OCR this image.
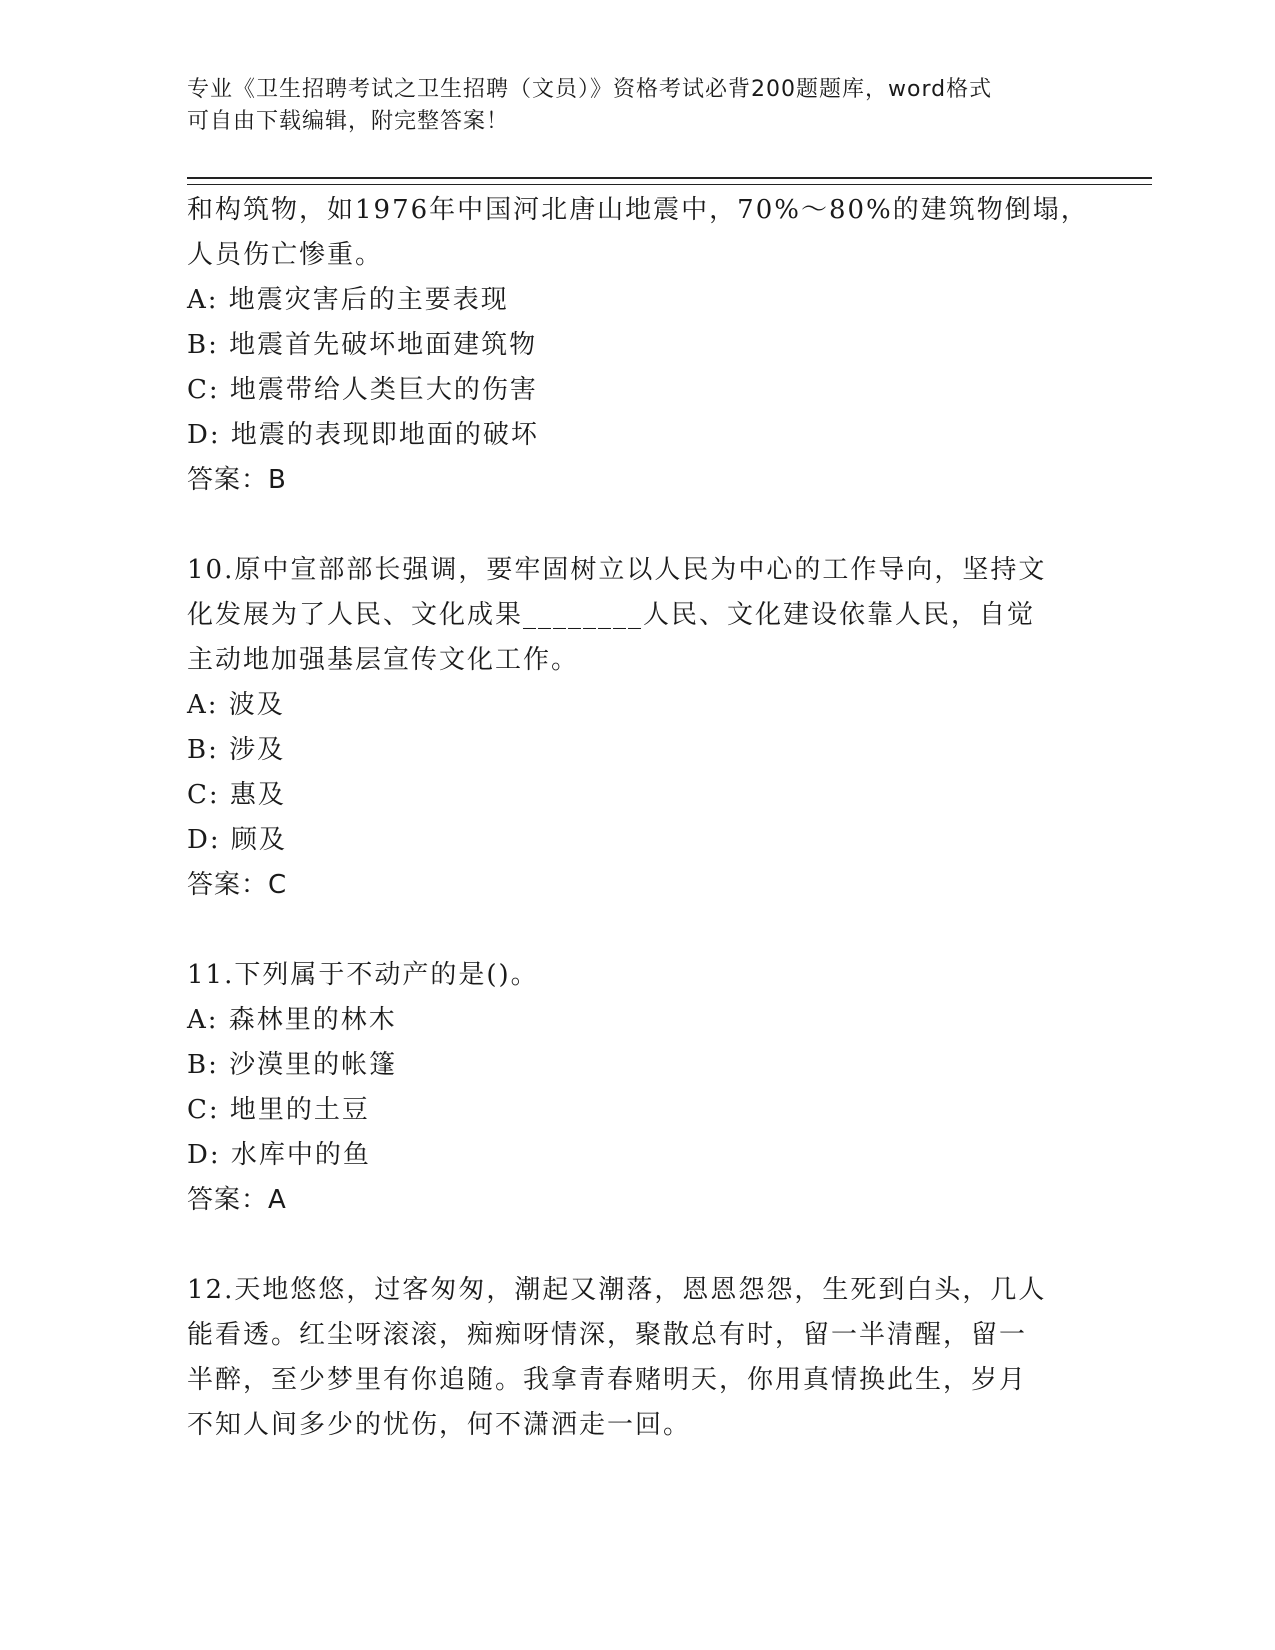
专业《卫生招聘考试之卫生招聘（文员）》资格考试必背200题题库，word格式
可自由下载编辑，附完整答案！
和构筑物，如1976年中国河北唐山地震中，70%～80%的建筑物倒塌，
人员伤亡惨重。
A: 地震灾害后的主要表现
B: 地震首先破坏地面建筑物
C: 地震带给人类巨大的伤害
D: 地震的表现即地面的破坏
答案：B
10.原中宣部部长强调，要牢固树立以人民为中心的工作导向，坚持文
化发展为了人民、文化成果________人民、文化建设依靠人民，自觉
主动地加强基层宣传文化工作。
A: 波及
B: 涉及
C: 惠及
D: 顾及
答案：C
11.下列属于不动产的是()。
A: 森林里的林木
B: 沙漠里的帐篷
C: 地里的土豆
D: 水库中的鱼
答案：A
12.天地悠悠，过客匆匆，潮起又潮落，恩恩怨怨，生死到白头，几人
能看透。红尘呀滚滚，痴痴呀情深，聚散总有时，留一半清醒，留一
半醉，至少梦里有你追随。我拿青春赌明天，你用真情换此生，岁月
不知人间多少的忧伤，何不潇洒走一回。
